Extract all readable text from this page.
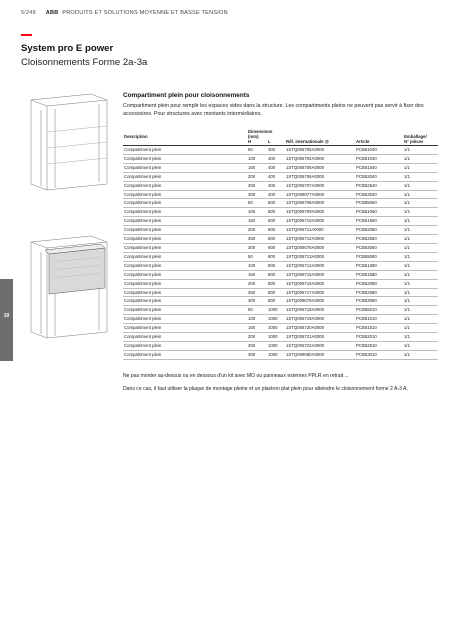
5/248 ABB PRODUITS ET SOLUTIONS MOYENNE ET BASSE TENSION
System pro E power
Cloisonnements Forme 2a-3a
10
Compartiment plein pour cloisonnements
Compartiment plein pour remplir les espaces vides dans la structure. Les compartiments pleins ne peuvent pas servir à fixer des accessoires. Pour structures avec montants intermédiaires.
Description	Dimensions
(mm)				Emballage/
	H	L	Réf. internationale @	Article	N° pièces
Compartiment plein	50	400	1STQ006705A0000	PCB51040	1/1
Compartiment plein	100	400	1STQ006704A0000	PCB61040	1/1
Compartiment plein	150	400	1STQ006705A0000	PCB51540	1/1
Compartiment plein	200	400	1STQ006706A0000	PCB52040	1/1
Compartiment plein	250	400	1STQ006707A0000	PCB52540	1/1
Compartiment plein	300	400	1STQ009077A0000	PCB53040	1/1
Compartiment plein	50	600	1STQ006708A0000	PCB55060	1/1
Compartiment plein	100	600	1STQ006709A0000	PCB51060	1/1
Compartiment plein	150	600	1STQ006710A0000	PCB51560	1/1
Compartiment plein	200	600	1STQ006711A0000	PCB52060	1/1
Compartiment plein	250	600	1STQ006712A0000	PCB52560	1/1
Compartiment plein	300	600	1STQ009078A0000	PCB53060	1/1
Compartiment plein	50	800	1STQ006713A0000	PCB55080	1/1
Compartiment plein	100	800	1STQ006714A0000	PCB51080	1/1
Compartiment plein	150	800	1STQ006715A0000	PCB51580	1/1
Compartiment plein	200	800	1STQ006716A0000	PCB52080	1/1
Compartiment plein	250	800	1STQ006717A0000	PCB52580	1/1
Compartiment plein	300	800	1STQ009079A0000	PCB53080	1/1
Compartiment plein	50	1000	1STQ006718A0000	PCB55010	1/1
Compartiment plein	100	1000	1STQ006719A0000	PCB51010	1/1
Compartiment plein	150	1000	1STQ006720A0000	PCB51510	1/1
Compartiment plein	200	1000	1STQ006721A0000	PCB52010	1/1
Compartiment plein	250	1000	1STQ006722A0000	PCB52510	1/1
Compartiment plein	300	1000	1STQ009080A0000	PCB53010	1/1
Ne pas monter au-dessus ou en dessous d'un kit avec MO ou panneaux externes PPLR en retrait ...
Dans ce cas, il faut utiliser la plaque de montage pleine et un plastron plat plein pour atteindre le cloisonnement forme 2 A-3 A.
